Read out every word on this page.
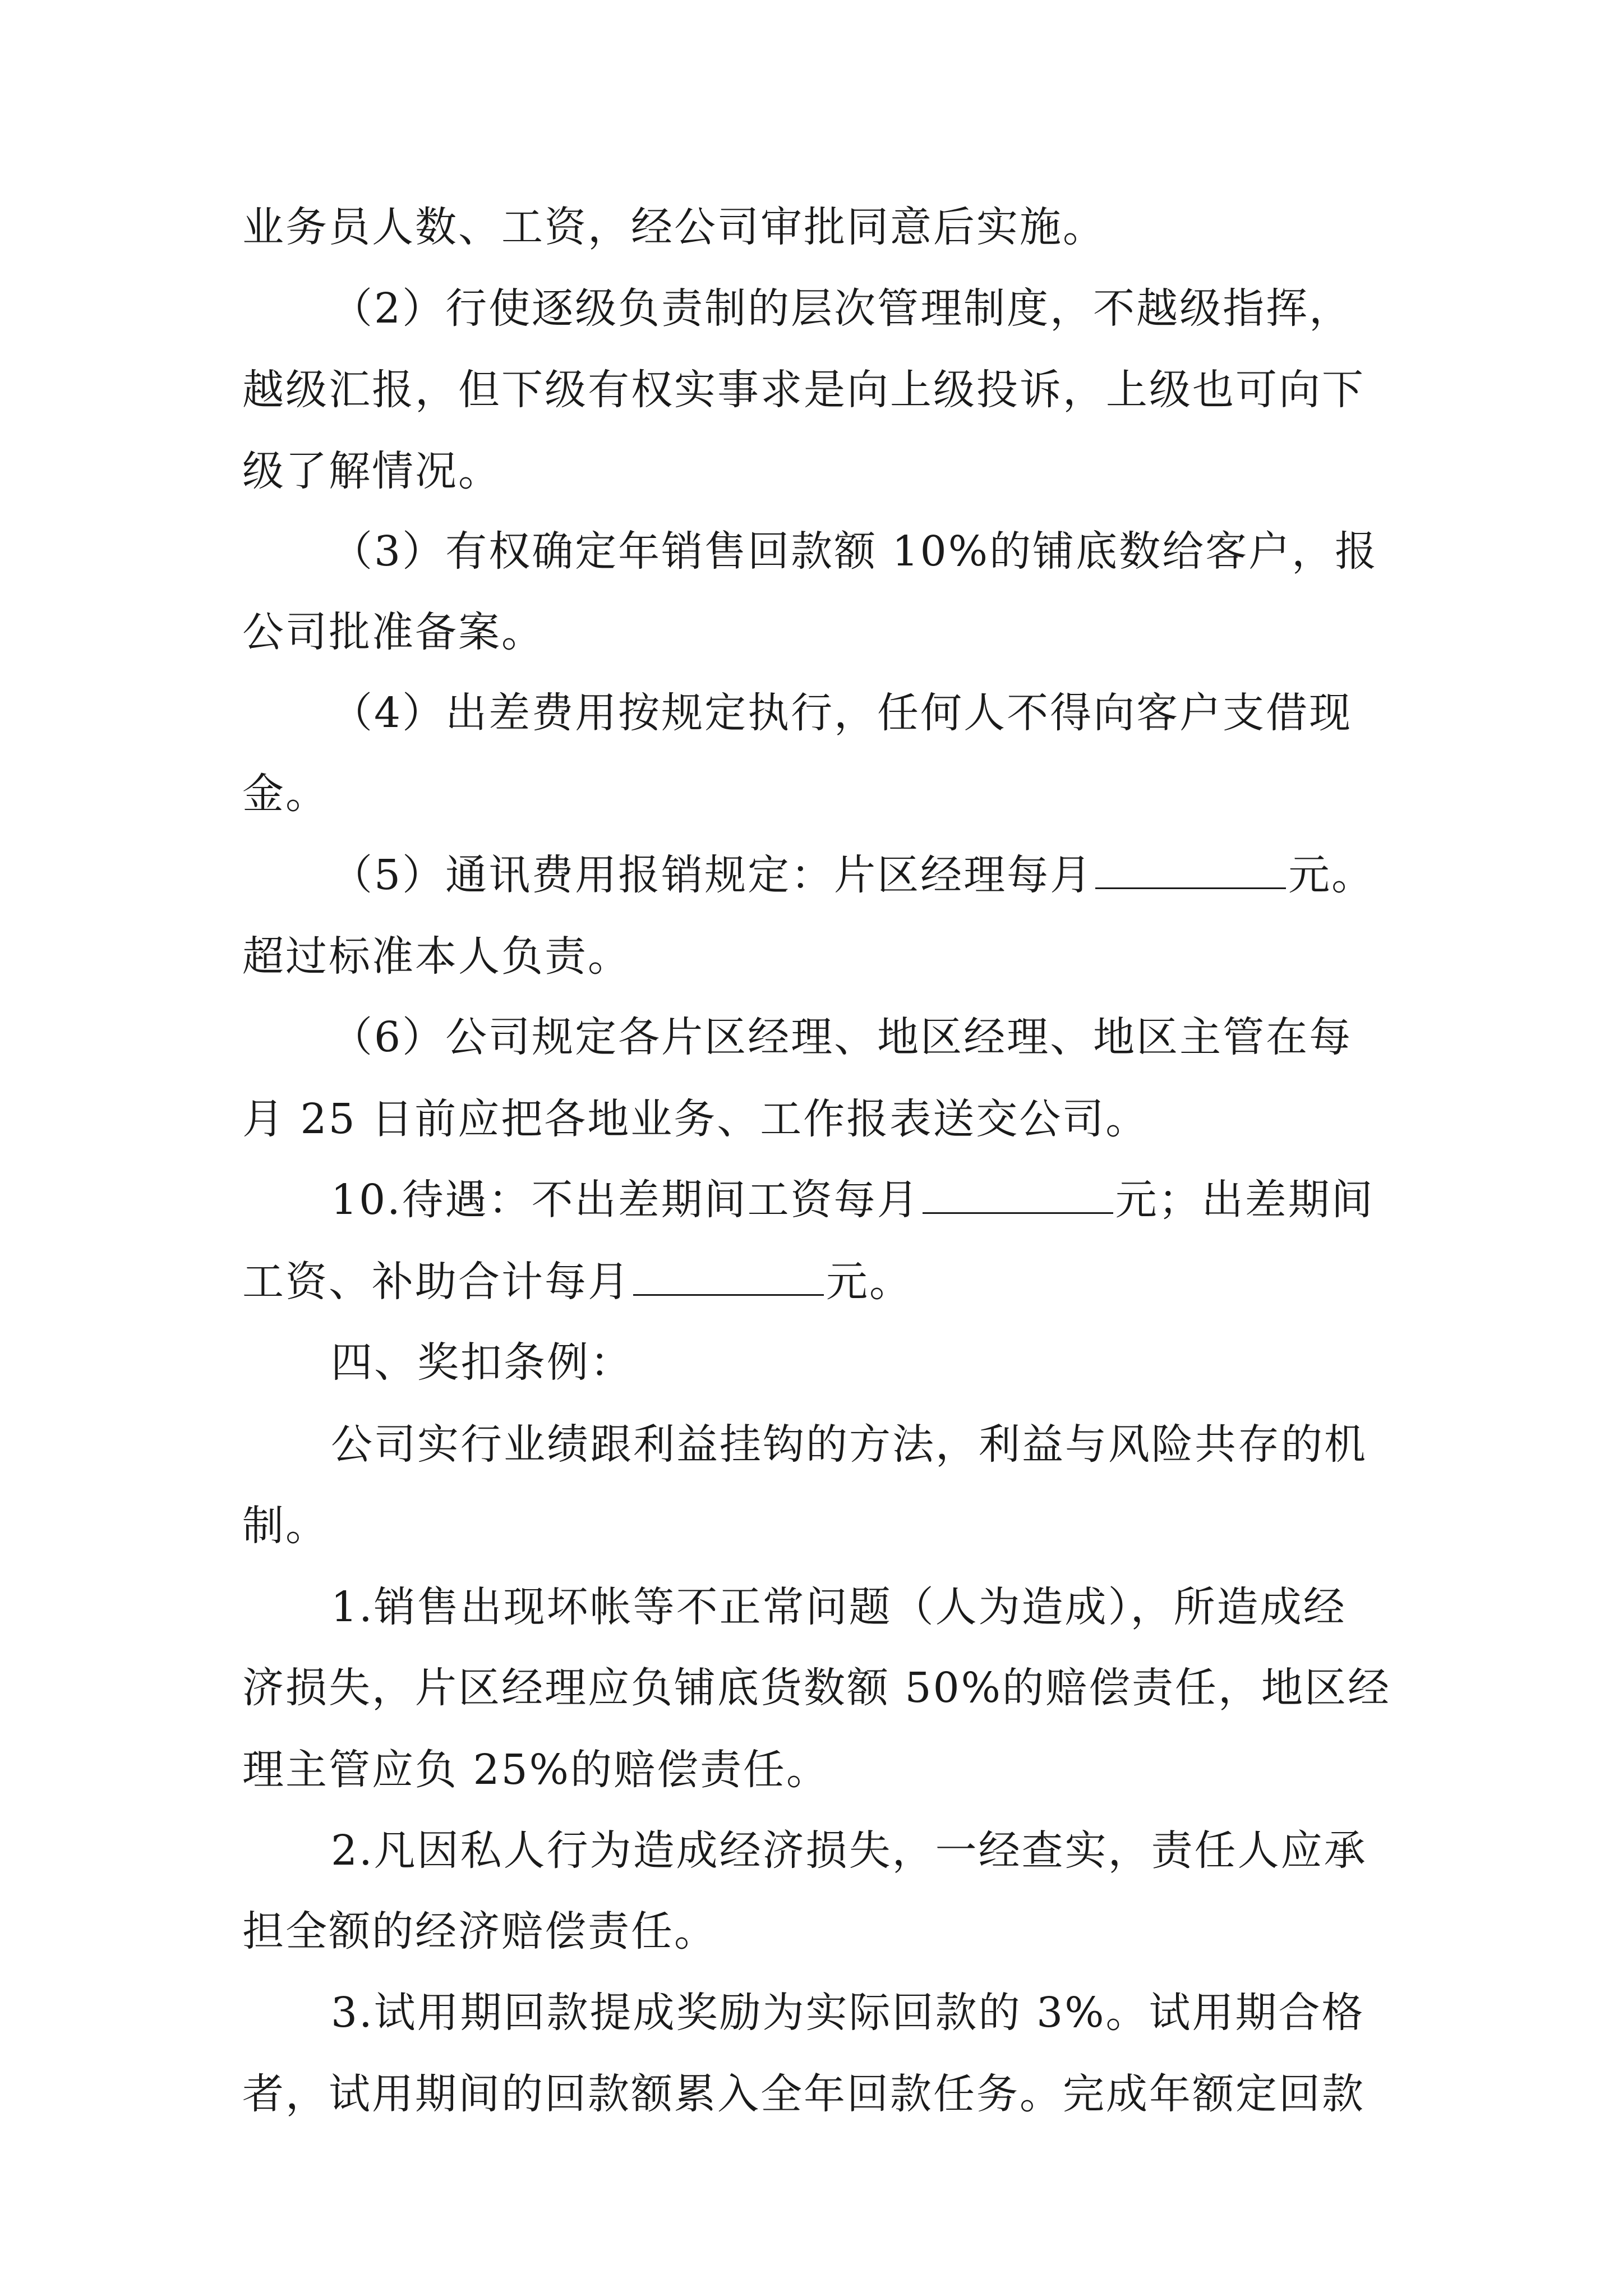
业务员人数、工资，经公司审批同意后实施。
（2）行使逐级负责制的层次管理制度，不越级指挥，
越级汇报，但下级有权实事求是向上级投诉，上级也可向下
级了解情况。
（3）有权确定年销售回款额 10%的铺底数给客户，报
公司批准备案。
（4）出差费用按规定执行，任何人不得向客户支借现
金。
（5）通讯费用报销规定：片区经理每月	元。
超过标准本人负责。
（6）公司规定各片区经理、地区经理、地区主管在每
月 25 日前应把各地业务、工作报表送交公司。
10.待遇：不出差期间工资每月	元；出差期间
工资、补助合计每月	元。
四、奖扣条例：
公司实行业绩跟利益挂钩的方法，利益与风险共存的机
制。
1.销售出现坏帐等不正常问题（人为造成），所造成经
济损失，片区经理应负铺底货数额 50%的赔偿责任，地区经
理主管应负 25%的赔偿责任。
2.凡因私人行为造成经济损失，一经查实，责任人应承
担全额的经济赔偿责任。
3.试用期回款提成奖励为实际回款的 3%。试用期合格
者，试用期间的回款额累入全年回款任务。完成年额定回款
